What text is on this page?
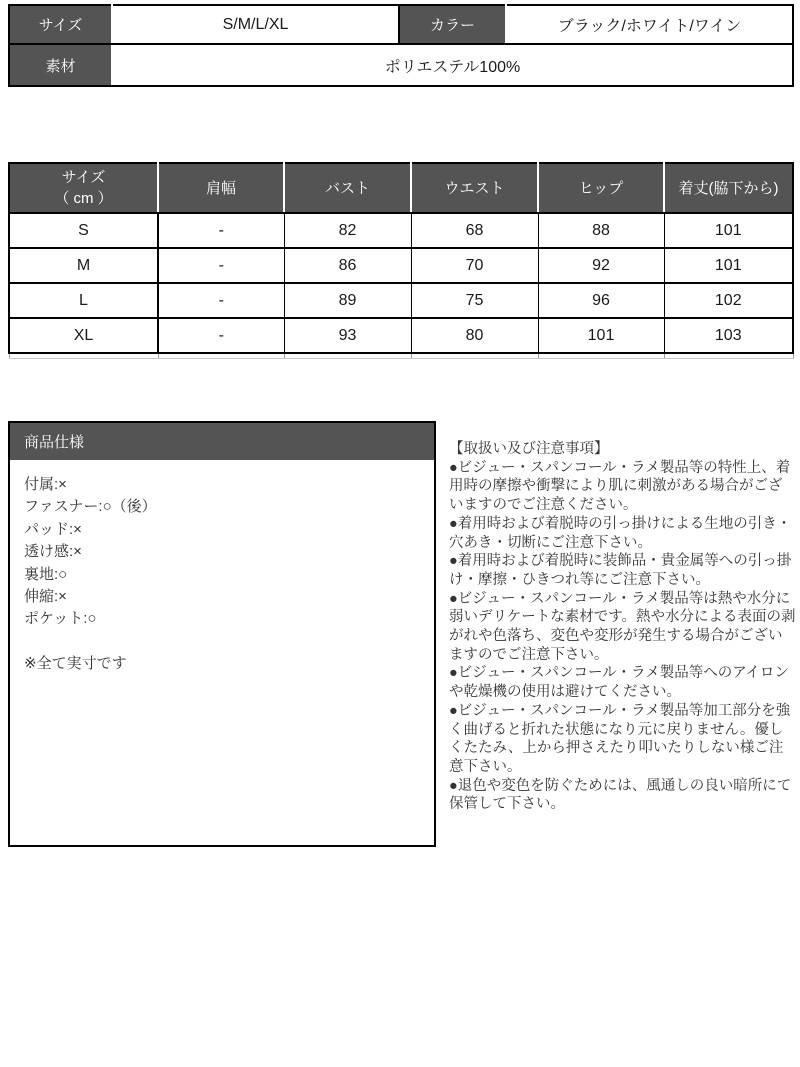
サイズ	S/M/L/XL	カラー	ブラック/ホワイト/ワイン
素材	ポリエステル100%		
サイズ
（ cm ）	肩幅	バスト	ウエスト	ヒップ	着丈(脇下から)
S	-	82	68	88	101
M	-	86	70	92	101
L	-	89	75	96	102
XL	-	93	80	101	103

商品仕様
付属:×
ファスナー:○（後）
パッド:×
透け感:×
裏地:○
伸縮:×
ポケット:○
※全て実寸です

【取扱い及び注意事項】

●ビジュー・スパンコール・ラメ製品等の特性上、着用時の摩擦や衝撃により肌に刺激がある場合がございますのでご注意ください。

●着用時および着脱時の引っ掛けによる生地の引き・穴あき・切断にご注意下さい。

●着用時および着脱時に装飾品・貴金属等への引っ掛け・摩擦・ひきつれ等にご注意下さい。

●ビジュー・スパンコール・ラメ製品等は熱や水分に弱いデリケートな素材です。熱や水分による表面の剥がれや色落ち、変色や変形が発生する場合がございますのでご注意下さい。

●ビジュー・スパンコール・ラメ製品等へのアイロンや乾燥機の使用は避けてください。

●ビジュー・スパンコール・ラメ製品等加工部分を強く曲げると折れた状態になり元に戻りません。優しくたたみ、上から押さえたり叩いたりしない様ご注意下さい。

●退色や変色を防ぐためには、風通しの良い暗所にて保管して下さい。
